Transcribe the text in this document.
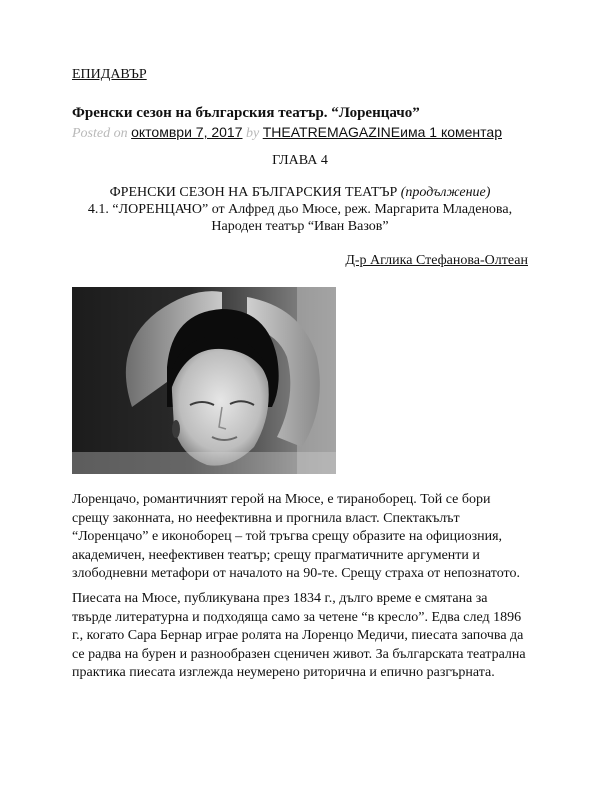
ЕПИДАВЪР
Френски сезон на българския театър. “Лоренцачо”
Posted on октомври 7, 2017 by THEATREMAGAZINEима 1 коментар
ГЛАВА 4
ФРЕНСКИ СЕЗОН НА БЪЛГАРСКИЯ ТЕАТЪР (продължение)
4.1. “ЛОРЕНЦАЧО” от Алфред дьо Мюсе, реж. Маргарита Младенова,
Народен театър “Иван Вазов”
Д-р Аглика Стефанова-Олтеан

Лоренцачо, романтичният герой на Мюсе, е тираноборец. Той се бори срещу законната, но неефективна и прогнила власт. Спектакълът “Лоренцачо” е иконоборец – той тръгва срещу образите на официозния, академичен, неефективен театър; срещу прагматичните аргументи и злободневни метафори от началото на 90-те. Срещу страха от непознатото.

Пиесата на Мюсе, публикувана през 1834 г., дълго време е смятана за твърде литературна и подходяща само за четене “в кресло”. Едва след 1896 г., когато Сара Бернар играе ролята на Лоренцо Медичи, пиесата започва да се радва на бурен и разнообразен сценичен живот. За българската театрална практика пиесата изглежда неумерено риторична и епично разгърната.
